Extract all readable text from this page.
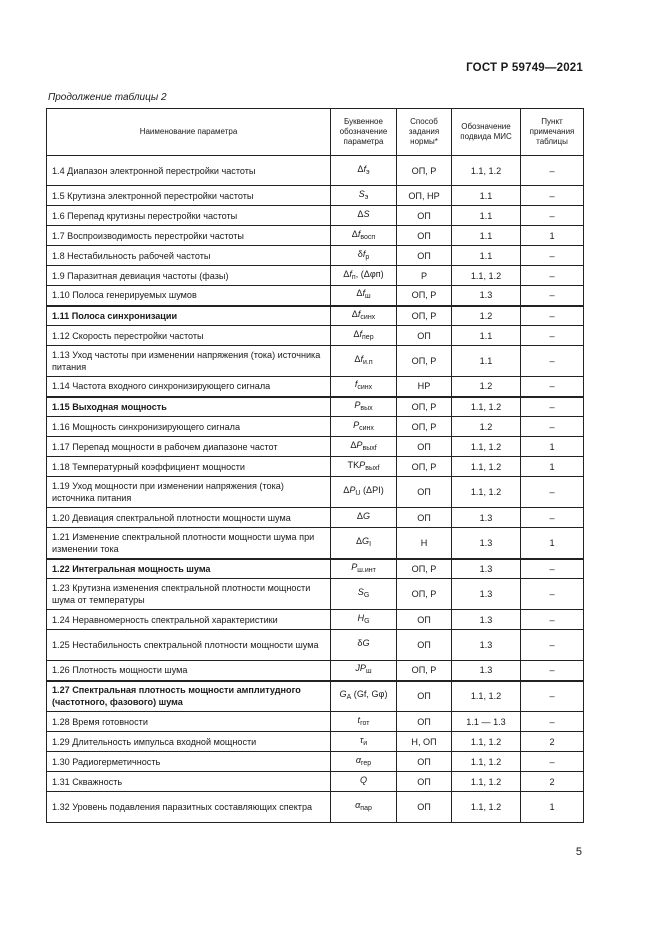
ГОСТ Р 59749—2021
Продолжение таблицы 2
Наименование параметра	Буквенное обозначение параметра	Способ задания нормы*	Обозначение подвида МИС	Пункт примечания таблицы
1.4 Диапазон электронной перестройки частоты	$\Delta f_э$	ОП, Р	1.1, 1.2	–
1.5 Крутизна электронной перестройки частоты	$S_э$	ОП, НР	1.1	–
1.6 Перепад крутизны перестройки частоты	ΔS	ОП	1.1	–
1.7 Воспроизводимость перестройки частоты	$\Delta f_{восп}$	ОП	1.1	1
1.8 Нестабильность рабочей частоты	$\delta f_р$	ОП	1.1	–
1.9 Паразитная девиация частоты (фазы)	$\Delta f_п$, (Δφп)	Р	1.1, 1.2	–
1.10 Полоса генерируемых шумов	$\Delta f_ш$	ОП, Р	1.3	–
1.11 Полоса синхронизации	$\Delta f_{синх}$	ОП, Р	1.2	–
1.12 Скорость перестройки частоты	$\Delta f_{пер}$	ОП	1.1	–
1.13 Уход частоты при изменении напряжения (тока) источника питания	$\Delta f_{и.п}$	ОП, Р	1.1	–
1.14 Частота входного синхронизирующего сигнала	$f_{синх}$	НР	1.2	–
1.15 Выходная мощность	$P_{вых}$	ОП, Р	1.1, 1.2	–
1.16 Мощность синхронизирующего сигнала	$P_{синх}$	ОП, Р	1.2	–
1.17 Перепад мощности в рабочем диапазоне частот	$\Delta P_{выхf}$	ОП	1.1, 1.2	1
1.18 Температурный коэффициент мощности	$TKP_{выхf}$	ОП, Р	1.1, 1.2	1
1.19 Уход мощности при изменении напряжения (тока) источника питания	$\Delta P_U$ (ΔPI)	ОП	1.1, 1.2	–
1.20 Девиация спектральной плотности мощности шума	ΔG	ОП	1.3	–
1.21 Изменение спектральной плотности мощности шума при изменении тока	$\Delta G_I$	Н	1.3	1
1.22 Интегральная мощность шума	$P_{ш.инт}$	ОП, Р	1.3	–
1.23 Крутизна изменения спектральной плотности мощности шума от температуры	$S_G$	ОП, Р	1.3	–
1.24 Неравномерность спектральной характеристики	$H_G$	ОП	1.3	–
1.25 Нестабильность спектральной плотности мощности шума	δG	ОП	1.3	–
1.26 Плотность мощности шума	$JP_ш$	ОП, Р	1.3	–
1.27 Спектральная плотность мощности амплитудного (частотного, фазового) шума	$G_A$ (Gf, Gφ)	ОП	1.1, 1.2	–
1.28 Время готовности	$t_{гот}$	ОП	1.1 — 1.3	–
1.29 Длительность импульса входной мощности	$\tau_и$	Н, ОП	1.1, 1.2	2
1.30 Радиогерметичность	$\alpha_{гер}$	ОП	1.1, 1.2	–
1.31 Скважность	Q	ОП	1.1, 1.2	2
1.32 Уровень подавления паразитных составляющих спектра	$\alpha_{пар}$	ОП	1.1, 1.2	1
5
